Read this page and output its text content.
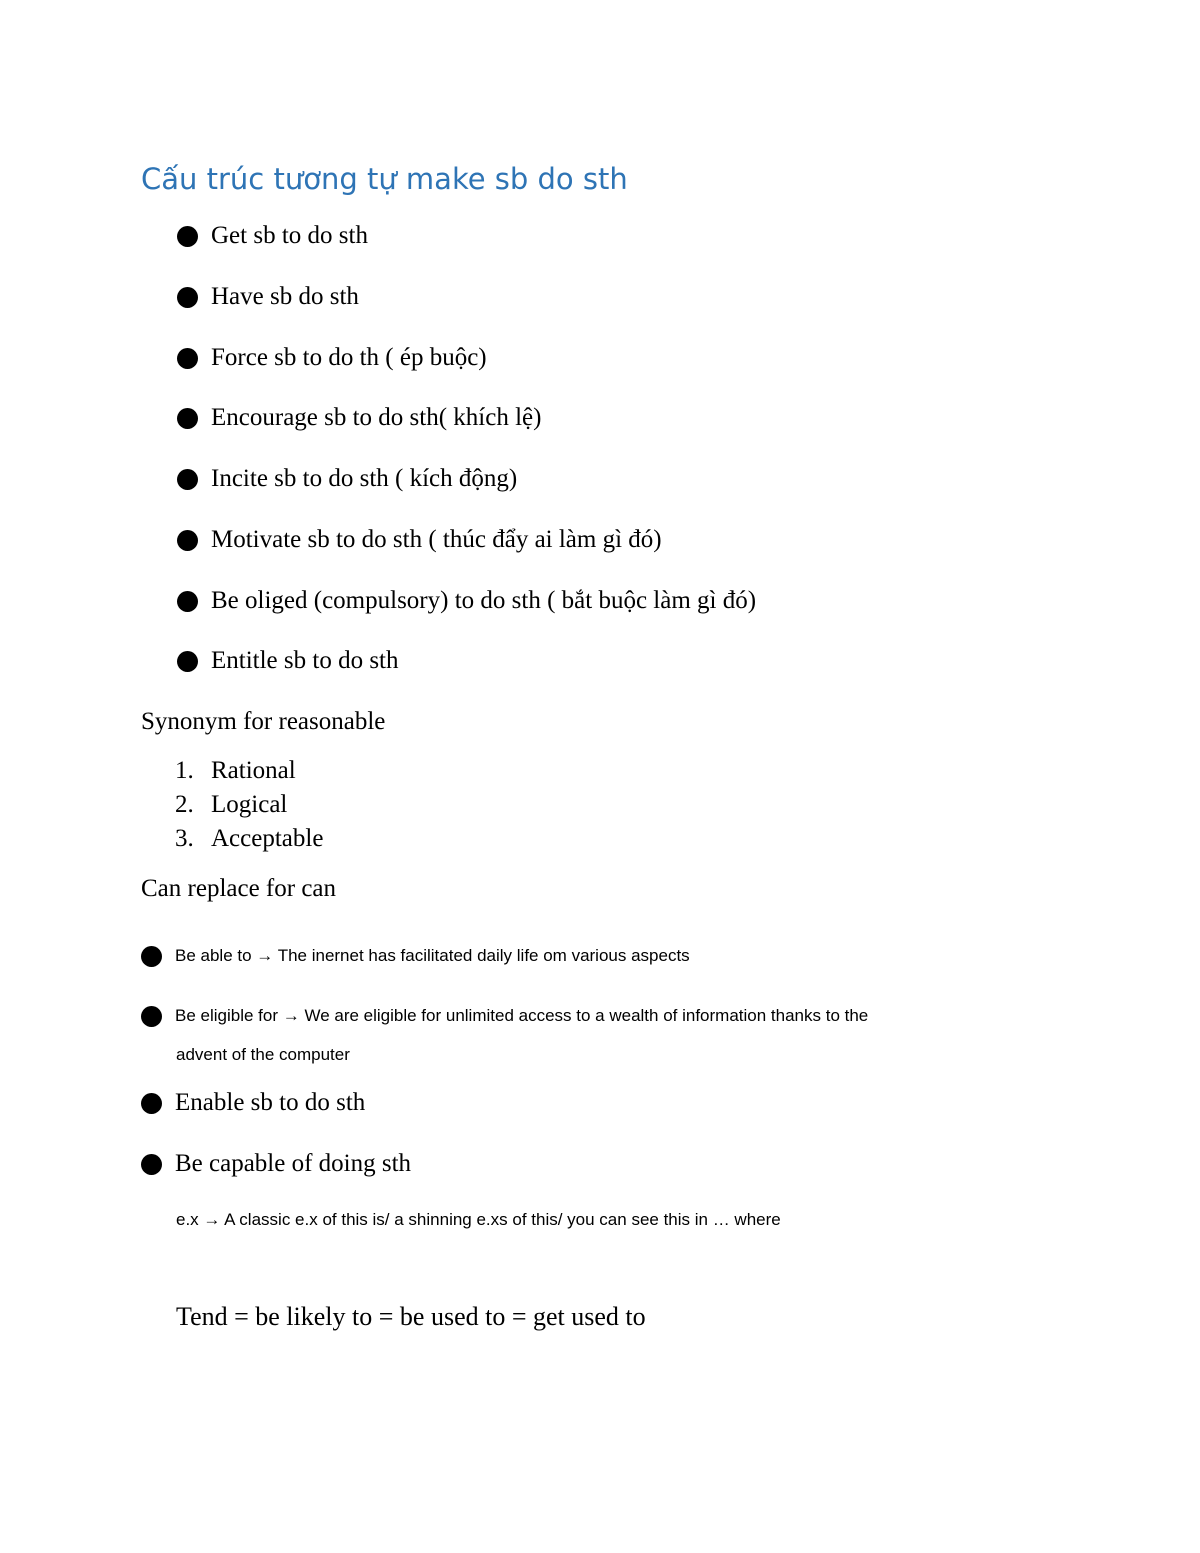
Cấu trúc tương tự make sb do sth
Get sb to do sth
Have sb do sth
Force sb to do th ( ép buộc)
Encourage sb to do sth( khích lệ)
Incite sb to do sth ( kích động)
Motivate sb to do sth ( thúc đẩy ai làm gì đó)
Be oliged (compulsory) to do sth ( bắt buộc làm gì đó)
Entitle sb to do sth
Synonym for reasonable
1. Rational
2. Logical
3. Acceptable
Can replace for can
Be able to → The inernet has facilitated daily life om various aspects
Be eligible for → We are eligible for unlimited access to a wealth of information thanks to the
advent of the computer
Enable sb to do sth
Be capable of doing sth
e.x → A classic e.x of this is/ a shinning e.xs of this/ you can see this in … where
Tend = be likely to = be used to = get used to
